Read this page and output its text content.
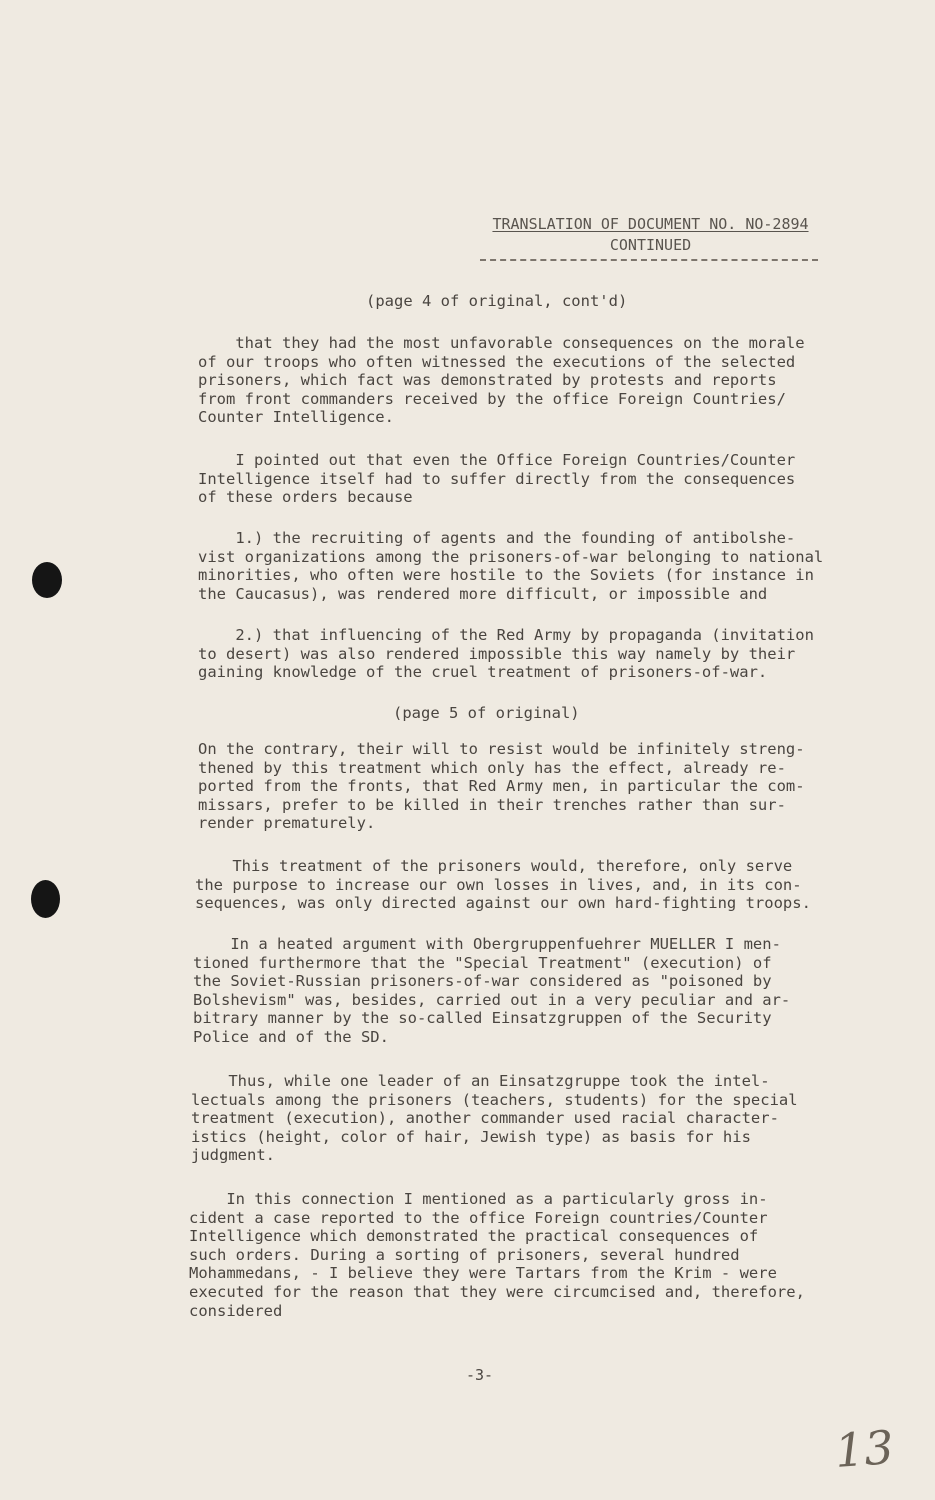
TRANSLATION OF DOCUMENT NO. NO-2894
CONTINUED
(page 4 of original, cont'd)
that they had the most unfavorable consequences on the morale
of our troops who often witnessed the executions of the selected
prisoners, which fact was demonstrated by protests and reports
from front commanders received by the office Foreign Countries/
Counter Intelligence.
I pointed out that even the Office Foreign Countries/Counter
Intelligence itself had to suffer directly from the consequences
of these orders because
1.) the recruiting of agents and the founding of antibolshe-
vist organizations among the prisoners-of-war belonging to national
minorities, who often were hostile to the Soviets (for instance in
the Caucasus), was rendered more difficult, or impossible and
2.) that influencing of the Red Army by propaganda (invitation
to desert) was also rendered impossible this way namely by their
gaining knowledge of the cruel treatment of prisoners-of-war.
(page 5 of original)
On the contrary, their will to resist would be infinitely streng-
thened by this treatment which only has the effect, already re-
ported from the fronts, that Red Army men, in particular the com-
missars, prefer to be killed in their trenches rather than sur-
render prematurely.
This treatment of the prisoners would, therefore, only serve
the purpose to increase our own losses in lives, and, in its con-
sequences, was only directed against our own hard-fighting troops.
In a heated argument with Obergruppenfuehrer MUELLER I men-
tioned furthermore that the "Special Treatment" (execution) of
the Soviet-Russian prisoners-of-war considered as "poisoned by
Bolshevism" was, besides, carried out in a very peculiar and ar-
bitrary manner by the so-called Einsatzgruppen of the Security
Police and of the SD.
Thus, while one leader of an Einsatzgruppe took the intel-
lectuals among the prisoners (teachers, students) for the special
treatment (execution), another commander used racial character-
istics (height, color of hair, Jewish type) as basis for his
judgment.
In this connection I mentioned as a particularly gross in-
cident a case reported to the office Foreign countries/Counter
Intelligence which demonstrated the practical consequences of
such orders. During a sorting of prisoners, several hundred
Mohammedans, - I believe they were Tartars from the Krim - were
executed for the reason that they were circumcised and, therefore,
considered
-3-
13
